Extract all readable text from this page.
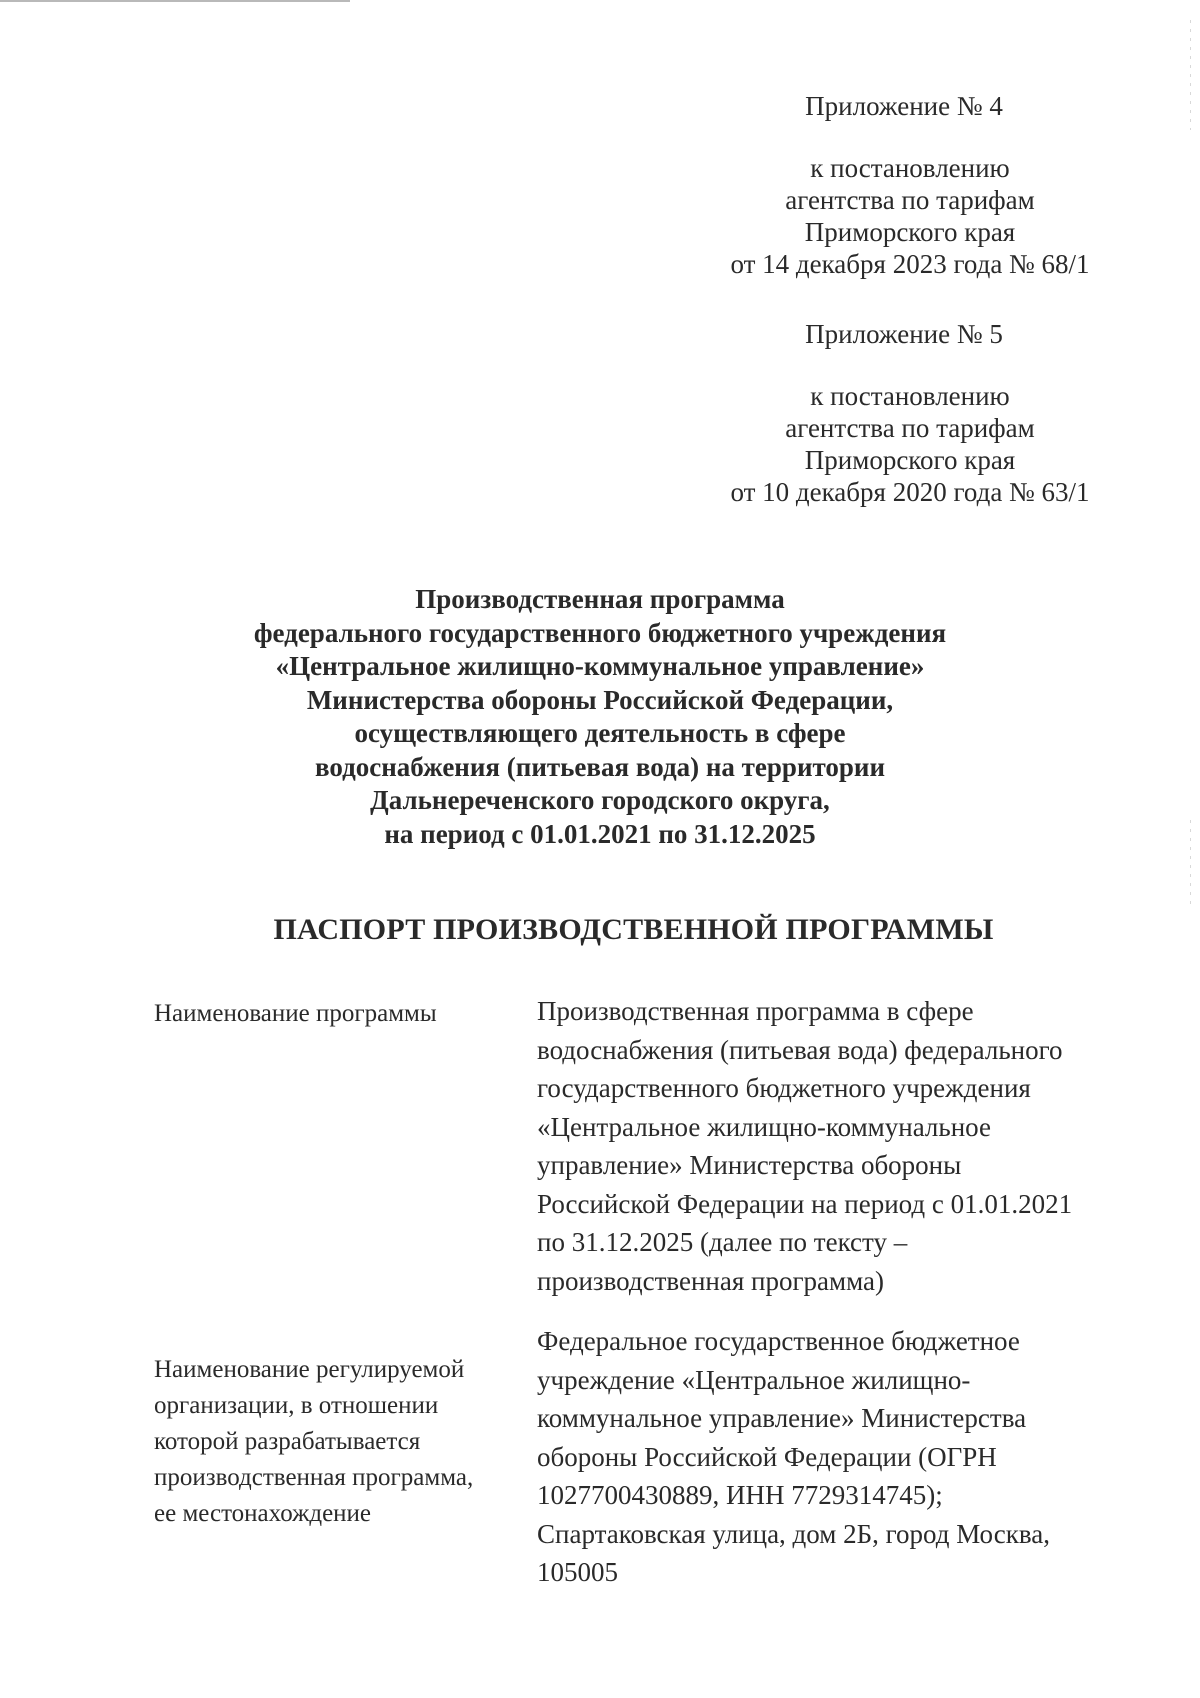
Приложение № 4
к постановлению
агентства по тарифам
Приморского края
от 14 декабря 2023 года № 68/1
Приложение № 5
к постановлению
агентства по тарифам
Приморского края
от 10 декабря 2020 года № 63/1
Производственная программа
федерального государственного бюджетного учреждения
«Центральное жилищно-коммунальное управление»
Министерства обороны Российской Федерации,
осуществляющего деятельность в сфере
водоснабжения (питьевая вода) на территории
Дальнереченского городского округа,
на период с 01.01.2021 по 31.12.2025
ПАСПОРТ ПРОИЗВОДСТВЕННОЙ ПРОГРАММЫ
Наименование программы	Производственная программа в сфере
водоснабжения (питьевая вода) федерального
государственного бюджетного учреждения
«Центральное жилищно-коммунальное
управление» Министерства обороны
Российской Федерации на период с 01.01.2021
по 31.12.2025 (далее по тексту –
производственная программа)
Наименование регулируемой
организации, в отношении
которой разрабатывается
производственная программа,
ее местонахождение
Федеральное государственное бюджетное
учреждение «Центральное жилищно-
коммунальное управление» Министерства
обороны Российской Федерации (ОГРН
1027700430889, ИНН 7729314745);
Спартаковская улица, дом 2Б, город Москва,
105005
